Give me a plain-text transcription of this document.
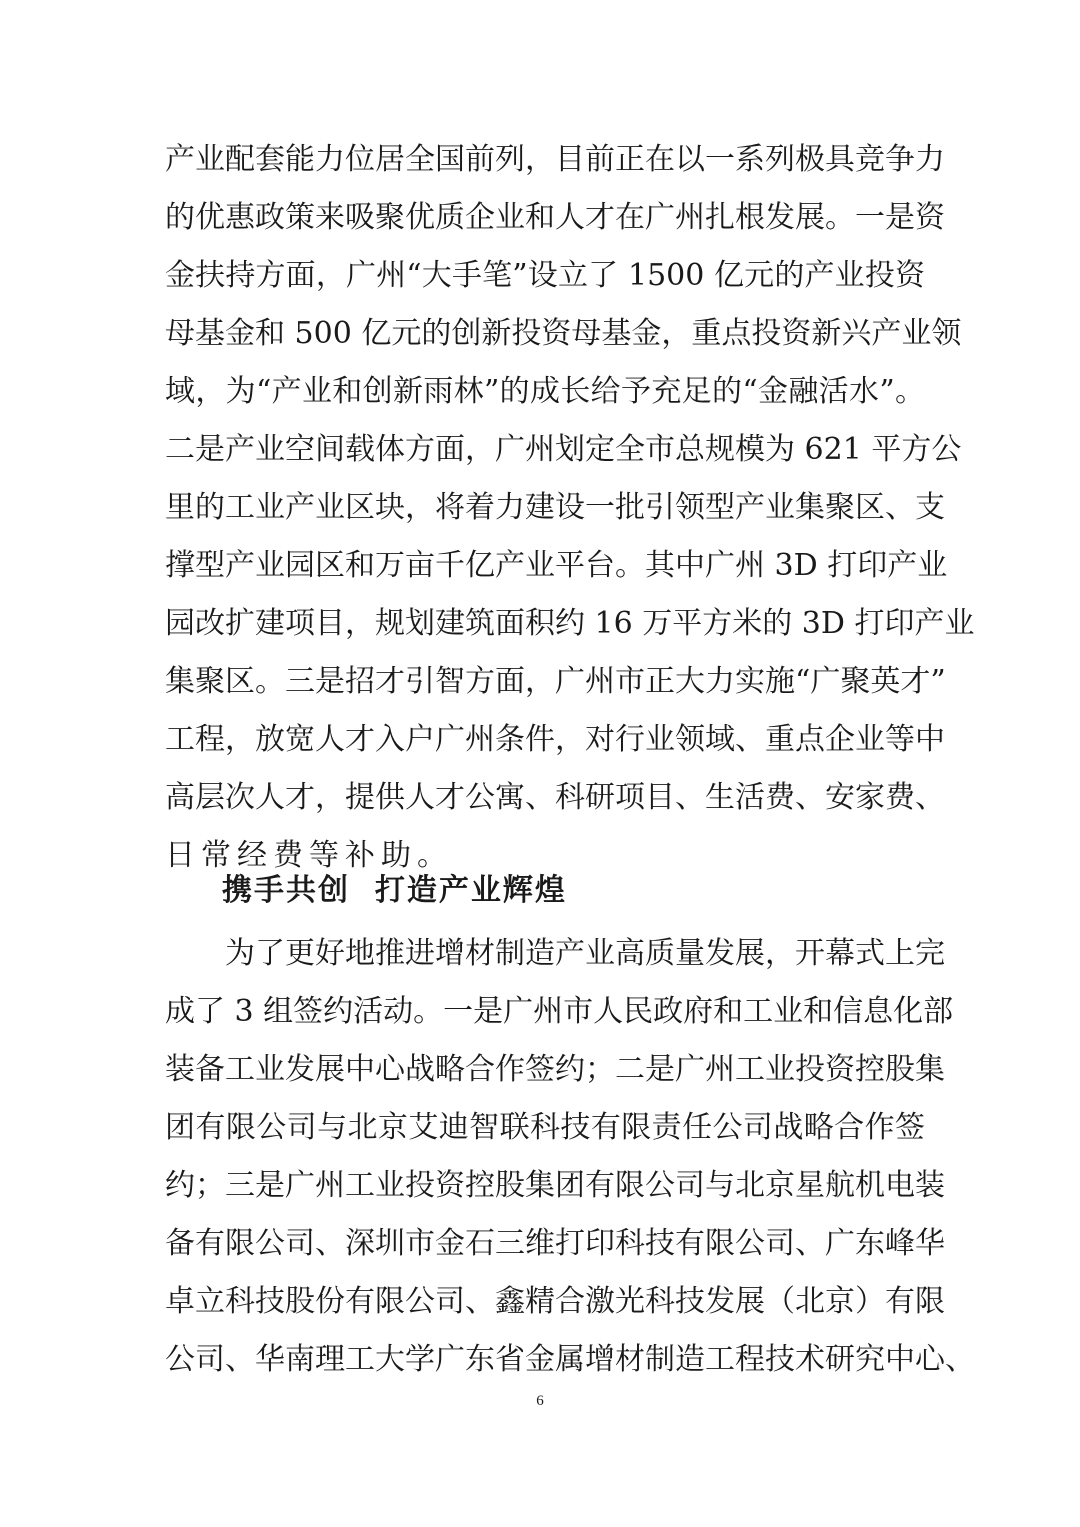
产业配套能力位居全国前列，目前正在以一系列极具竞争力
的优惠政策来吸聚优质企业和人才在广州扎根发展。一是资
金扶持方面，广州“大手笔”设立了 1500 亿元的产业投资
母基金和 500 亿元的创新投资母基金，重点投资新兴产业领
域，为“产业和创新雨林”的成长给予充足的“金融活水”。
二是产业空间载体方面，广州划定全市总规模为 621 平方公
里的工业产业区块，将着力建设一批引领型产业集聚区、支
撑型产业园区和万亩千亿产业平台。其中广州 3D 打印产业
园改扩建项目，规划建筑面积约 16 万平方米的 3D 打印产业
集聚区。三是招才引智方面，广州市正大力实施“广聚英才”
工程，放宽人才入户广州条件，对行业领域、重点企业等中
高层次人才，提供人才公寓、科研项目、生活费、安家费、
日常经费等补助。
携手共创  打造产业辉煌
　　为了更好地推进增材制造产业高质量发展，开幕式上完
成了 3 组签约活动。一是广州市人民政府和工业和信息化部
装备工业发展中心战略合作签约；二是广州工业投资控股集
团有限公司与北京艾迪智联科技有限责任公司战略合作签
约；三是广州工业投资控股集团有限公司与北京星航机电装
备有限公司、深圳市金石三维打印科技有限公司、广东峰华
卓立科技股份有限公司、鑫精合激光科技发展（北京）有限
公司、华南理工大学广东省金属增材制造工程技术研究中心、
6
